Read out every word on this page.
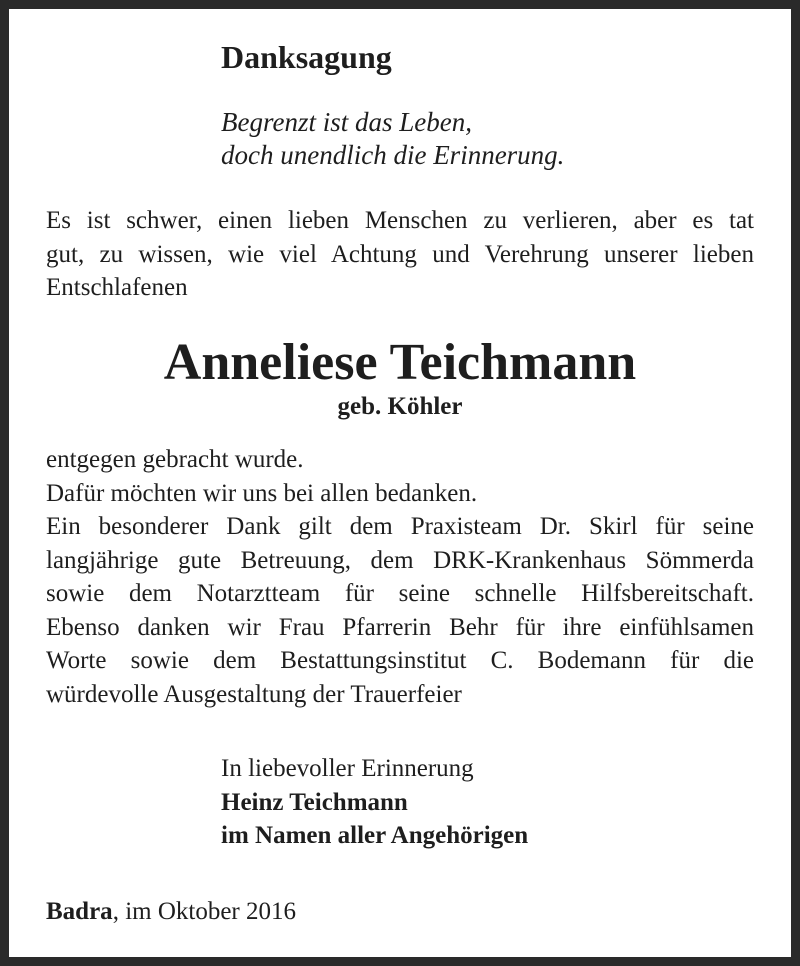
Danksagung
Begrenzt ist das Leben,
doch unendlich die Erinnerung.
Es ist schwer, einen lieben Menschen zu verlieren, aber es tat
gut, zu wissen, wie viel Achtung und Verehrung unserer lieben
Entschlafenen
Anneliese Teichmann
geb. Köhler
entgegen gebracht wurde.
Dafür möchten wir uns bei allen bedanken.
Ein besonderer Dank gilt dem Praxisteam Dr. Skirl für seine
langjährige gute Betreuung, dem DRK-Krankenhaus Sömmerda
sowie dem Notarztteam für seine schnelle Hilfsbereitschaft.
Ebenso danken wir Frau Pfarrerin Behr für ihre einfühlsamen
Worte sowie dem Bestattungsinstitut C. Bodemann für die
würdevolle Ausgestaltung der Trauerfeier
In liebevoller Erinnerung
Heinz Teichmann
im Namen aller Angehörigen
Badra, im Oktober 2016
